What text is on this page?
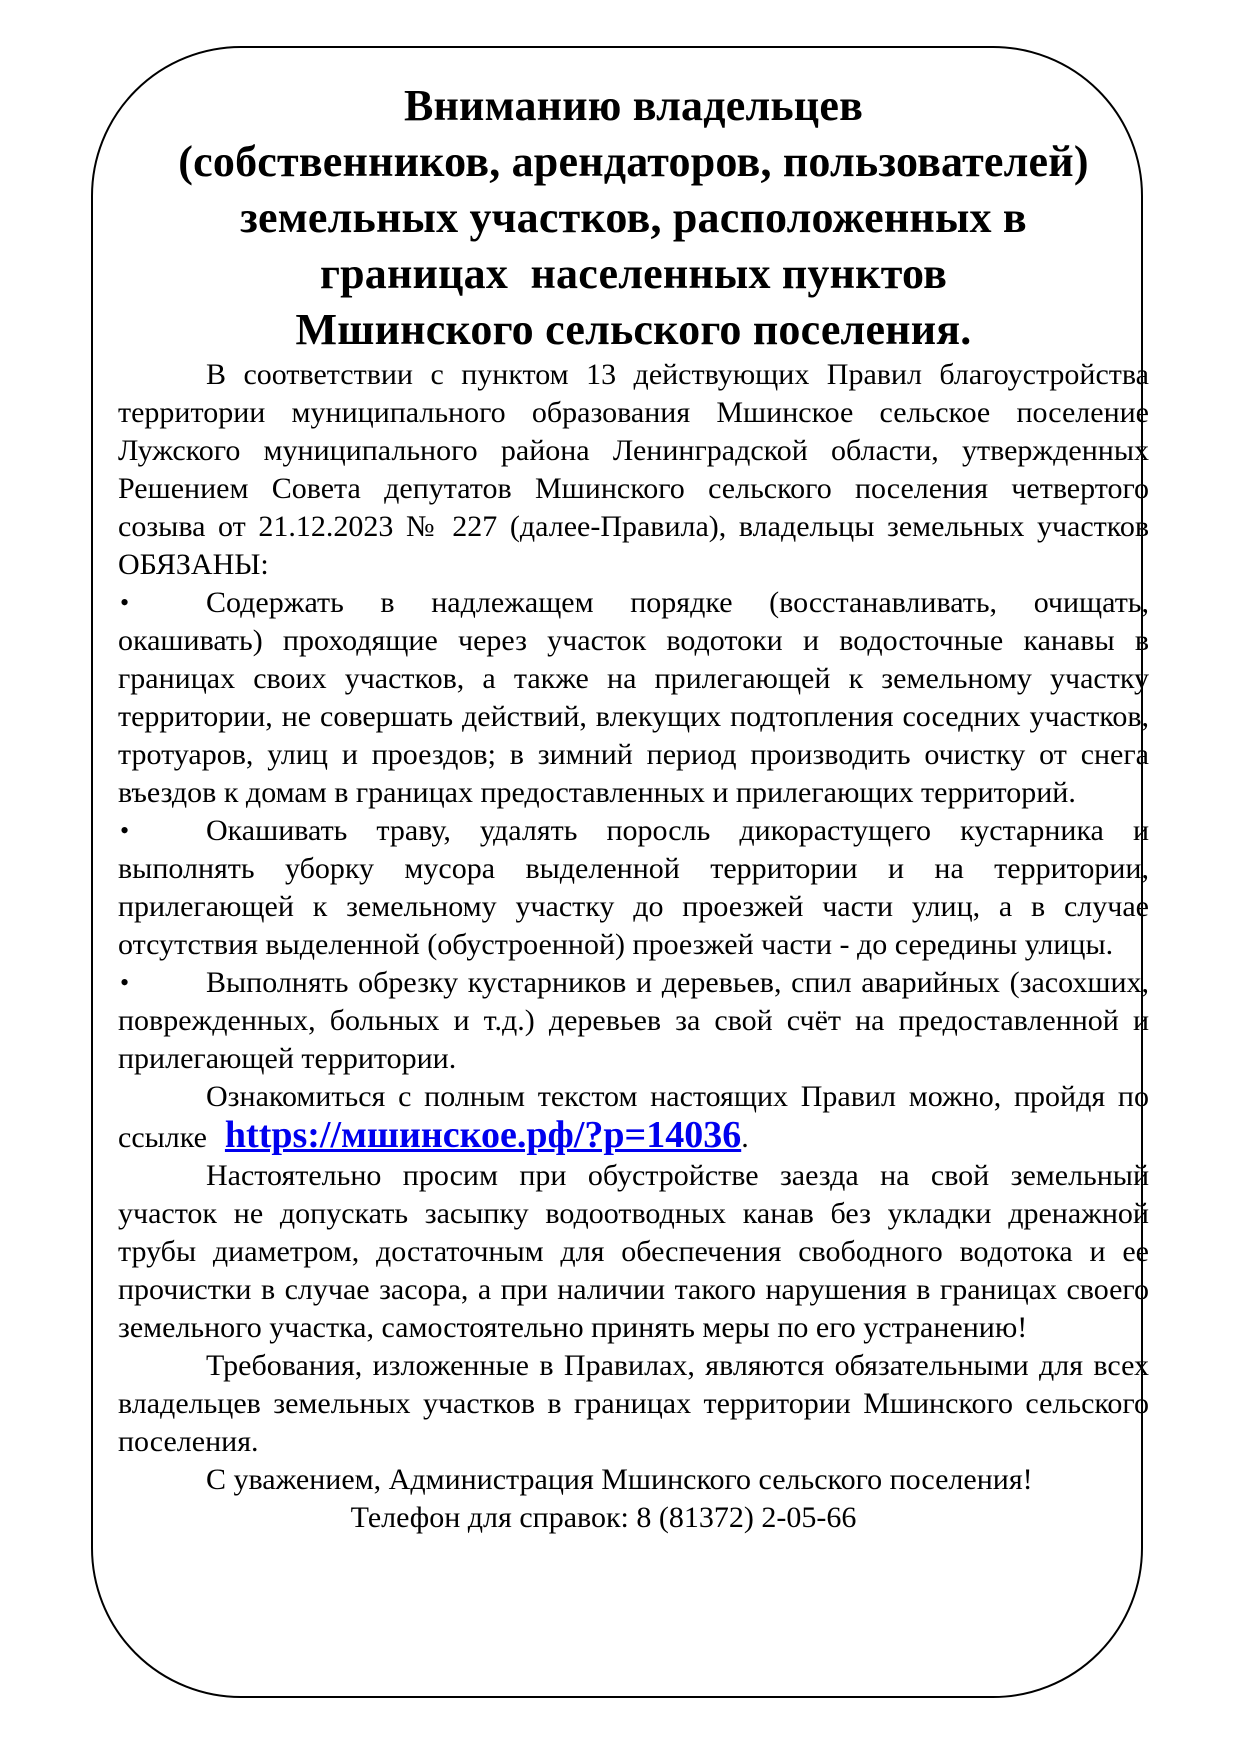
Вниманию владельцев
(собственников, арендаторов, пользователей)
земельных участков, расположенных в
границах  населенных пунктов
Мшинского сельского поселения.

В соответствии с пунктом 13 действующих Правил благоустройства территории муниципального образования Мшинское сельское поселение Лужского муниципального района Ленинградской области, утвержденных Решением Совета депутатов Мшинского сельского поселения четвертого созыва от 21.12.2023 № 227 (далее-Правила), владельцы земельных участков ОБЯЗАНЫ:

•	Содержать в надлежащем порядке (восстанавливать, очищать, окашивать) проходящие через участок водотоки и водосточные канавы в границах своих участков, а также на прилегающей к земельному участку территории, не совершать действий, влекущих подтопления соседних участков, тротуаров, улиц и проездов; в зимний период производить очистку от снега въездов к домам в границах предоставленных и прилегающих территорий.

•	Окашивать траву, удалять поросль дикорастущего кустарника и выполнять уборку мусора выделенной территории и на территории, прилегающей к земельному участку до проезжей части улиц, а в случае отсутствия выделенной (обустроенной) проезжей части - до середины улицы.

•	Выполнять обрезку кустарников и деревьев, спил аварийных (засохших, поврежденных, больных и т.д.) деревьев за свой счёт на предоставленной и прилегающей территории.

Ознакомиться с полным текстом настоящих Правил можно, пройдя по ссылке https://мшинское.рф/?p=14036.

Настоятельно просим при обустройстве заезда на свой земельный участок не допускать засыпку водоотводных канав без укладки дренажной трубы диаметром, достаточным для обеспечения свободного водотока и ее прочистки в случае засора, а при наличии такого нарушения в границах своего земельного участка, самостоятельно принять меры по его устранению!

Требования, изложенные в Правилах, являются обязательными для всех владельцев земельных участков в границах территории Мшинского сельского поселения.

С уважением, Администрация Мшинского сельского поселения!

Телефон для справок: 8 (81372) 2-05-66
